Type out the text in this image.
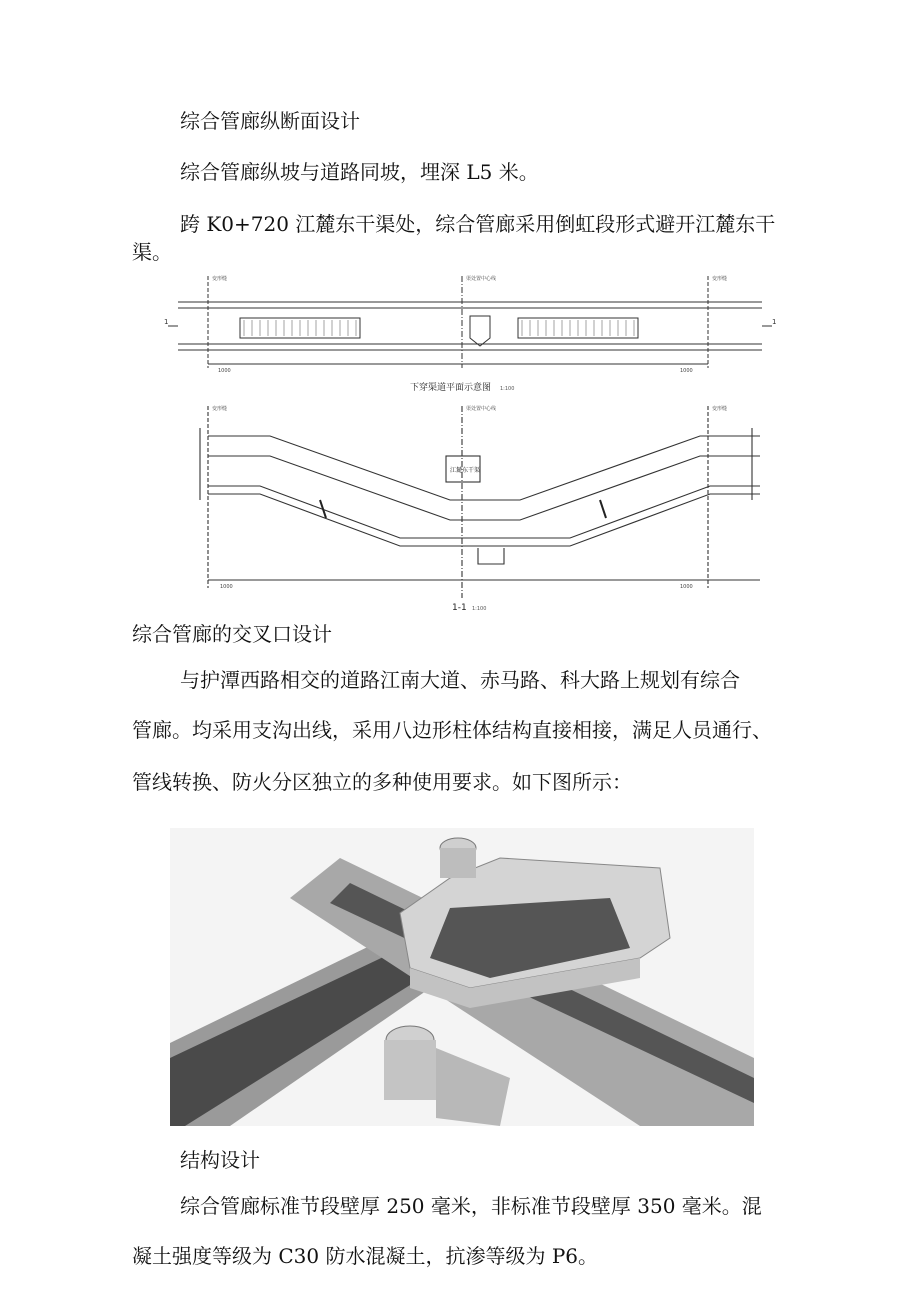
综合管廊纵断面设计
综合管廊纵坡与道路同坡，埋深 L5 米。
跨 K0+720 江麓东干渠处，综合管廊采用倒虹段形式避开江麓东干
渠。
下穿渠道平面示意图 1:100
变形缝	变形缝
渠处置中心线
1	1
1000	1000
江麓东干渠
变形缝	变形缝
渠处置中心线
1000	1000
1-1 1:100
综合管廊的交叉口设计
与护潭西路相交的道路江南大道、赤马路、科大路上规划有综合
管廊。均采用支沟出线，采用八边形柱体结构直接相接，满足人员通行、
管线转换、防火分区独立的多种使用要求。如下图所示：
结构设计
综合管廊标准节段壁厚 250 毫米，非标准节段壁厚 350 毫米。混
凝土强度等级为 C30 防水混凝土，抗渗等级为 P6。
